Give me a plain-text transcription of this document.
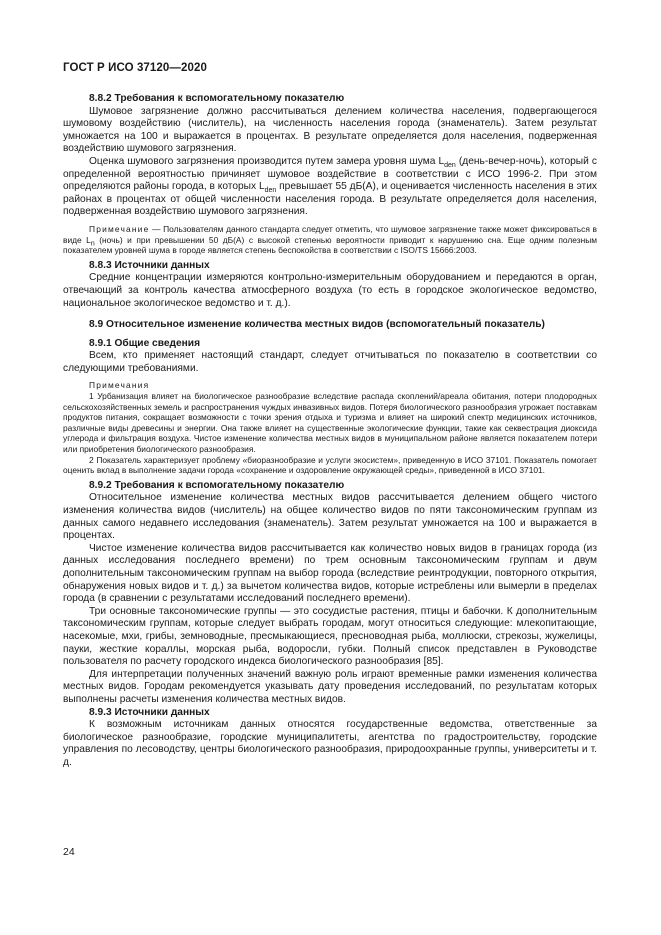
ГОСТ Р ИСО 37120—2020

8.8.2 Требования к вспомогательному показателю

Шумовое загрязнение должно рассчитываться делением количества населения, подвергающегося шумовому воздействию (числитель), на численность населения города (знаменатель). Затем результат умножается на 100 и выражается в процентах. В результате определяется доля населения, подверженная воздействию шумового загрязнения.

Оценка шумового загрязнения производится путем замера уровня шума $L_{den}$ (день-вечер-ночь), который с определенной вероятностью причиняет шумовое воздействие в соответствии с ИСО 1996-2. При этом определяются районы города, в которых $L_{den}$ превышает 55 дБ(А), и оценивается численность населения в этих районах в процентах от общей численности населения города. В результате определяется доля населения, подверженная воздействию шумового загрязнения.

Примечание — Пользователям данного стандарта следует отметить, что шумовое загрязнение также может фиксироваться в виде $L_n$ (ночь) и при превышении 50 дБ(А) с высокой степенью вероятности приводит к нарушению сна. Еще одним полезным показателем уровней шума в городе является степень беспокойства в соответствии с ISO/TS 15666:2003.

8.8.3 Источники данных

Средние концентрации измеряются контрольно-измерительным оборудованием и передаются в орган, отвечающий за контроль качества атмосферного воздуха (то есть в городское экологическое ведомство, национальное экологическое ведомство и т. д.).

8.9 Относительное изменение количества местных видов (вспомогательный показатель)

8.9.1 Общие сведения

Всем, кто применяет настоящий стандарт, следует отчитываться по показателю в соответствии со следующими требованиями.

Примечания

1 Урбанизация влияет на биологическое разнообразие вследствие распада скоплений/ареала обитания, потери плодородных сельскохозяйственных земель и распространения чуждых инвазивных видов. Потеря биологического разнообразия угрожает поставкам продуктов питания, сокращает возможности с точки зрения отдыха и туризма и влияет на широкий спектр медицинских источников, различные виды древесины и энергии. Она также влияет на существенные экологические функции, такие как секвестрация диоксида углерода и фильтрация воздуха. Чистое изменение количества местных видов в муниципальном районе является показателем потери или приобретения биологического разнообразия.

2 Показатель характеризует проблему «биоразнообразие и услуги экосистем», приведенную в ИСО 37101. Показатель помогает оценить вклад в выполнение задачи города «сохранение и оздоровление окружающей среды», приведенной в ИСО 37101.

8.9.2 Требования к вспомогательному показателю

Относительное изменение количества местных видов рассчитывается делением общего чистого изменения количества видов (числитель) на общее количество видов по пяти таксономическим группам из данных самого недавнего исследования (знаменатель). Затем результат умножается на 100 и выражается в процентах.

Чистое изменение количества видов рассчитывается как количество новых видов в границах города (из данных исследования последнего времени) по трем основным таксономическим группам и двум дополнительным таксономическим группам на выбор города (вследствие реинтродукции, повторного открытия, обнаружения новых видов и т. д.) за вычетом количества видов, которые истреблены или вымерли в пределах города (в сравнении с результатами исследований последнего времени).

Три основные таксономические группы — это сосудистые растения, птицы и бабочки. К дополнительным таксономическим группам, которые следует выбрать городам, могут относиться следующие: млекопитающие, насекомые, мхи, грибы, земноводные, пресмыкающиеся, пресноводная рыба, моллюски, стрекозы, жужелицы, пауки, жесткие кораллы, морская рыба, водоросли, губки. Полный список представлен в Руководстве пользователя по расчету городского индекса биологического разнообразия [85].

Для интерпретации полученных значений важную роль играют временные рамки изменения количества местных видов. Городам рекомендуется указывать дату проведения исследований, по результатам которых выполнены расчеты изменения количества местных видов.

8.9.3 Источники данных

К возможным источникам данных относятся государственные ведомства, ответственные за биологическое разнообразие, городские муниципалитеты, агентства по градостроительству, городские управления по лесоводству, центры биологического разнообразия, природоохранные группы, университеты и т. д.

24
